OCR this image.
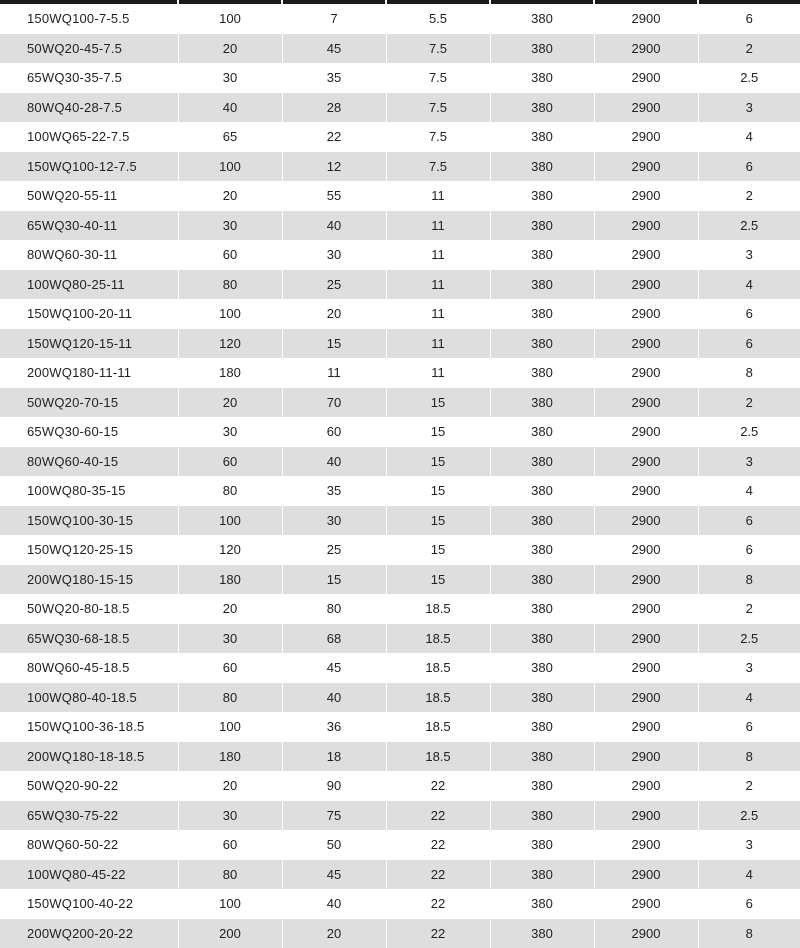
150WQ100-7-5.5	100	7	5.5	380	2900	6
50WQ20-45-7.5	20	45	7.5	380	2900	2
65WQ30-35-7.5	30	35	7.5	380	2900	2.5
80WQ40-28-7.5	40	28	7.5	380	2900	3
100WQ65-22-7.5	65	22	7.5	380	2900	4
150WQ100-12-7.5	100	12	7.5	380	2900	6
50WQ20-55-11	20	55	11	380	2900	2
65WQ30-40-11	30	40	11	380	2900	2.5
80WQ60-30-11	60	30	11	380	2900	3
100WQ80-25-11	80	25	11	380	2900	4
150WQ100-20-11	100	20	11	380	2900	6
150WQ120-15-11	120	15	11	380	2900	6
200WQ180-11-11	180	11	11	380	2900	8
50WQ20-70-15	20	70	15	380	2900	2
65WQ30-60-15	30	60	15	380	2900	2.5
80WQ60-40-15	60	40	15	380	2900	3
100WQ80-35-15	80	35	15	380	2900	4
150WQ100-30-15	100	30	15	380	2900	6
150WQ120-25-15	120	25	15	380	2900	6
200WQ180-15-15	180	15	15	380	2900	8
50WQ20-80-18.5	20	80	18.5	380	2900	2
65WQ30-68-18.5	30	68	18.5	380	2900	2.5
80WQ60-45-18.5	60	45	18.5	380	2900	3
100WQ80-40-18.5	80	40	18.5	380	2900	4
150WQ100-36-18.5	100	36	18.5	380	2900	6
200WQ180-18-18.5	180	18	18.5	380	2900	8
50WQ20-90-22	20	90	22	380	2900	2
65WQ30-75-22	30	75	22	380	2900	2.5
80WQ60-50-22	60	50	22	380	2900	3
100WQ80-45-22	80	45	22	380	2900	4
150WQ100-40-22	100	40	22	380	2900	6
200WQ200-20-22	200	20	22	380	2900	8
